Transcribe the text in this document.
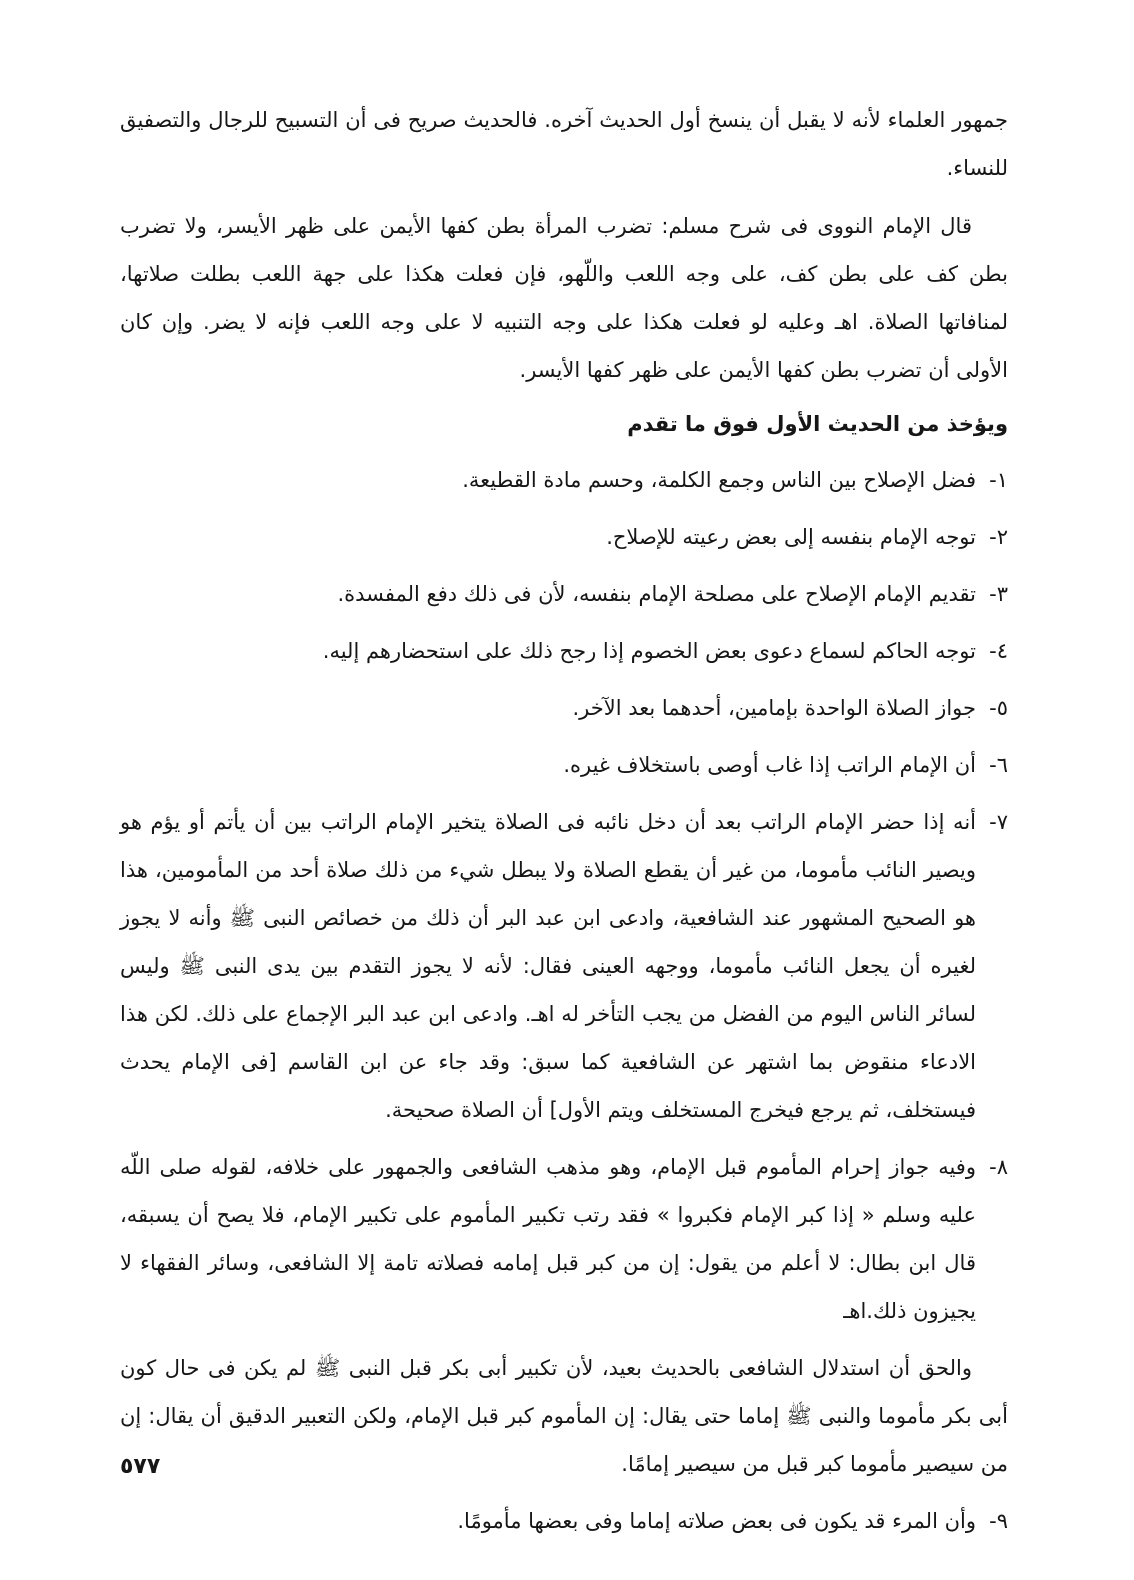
جمهور العلماء لأنه لا يقبل أن ينسخ أول الحديث آخره. فالحديث صريح فى أن التسبيح للرجال والتصفيق للنساء.

قال الإمام النووى فى شرح مسلم: تضرب المرأة بطن كفها الأيمن على ظهر الأيسر، ولا تضرب بطن كف على بطن كف، على وجه اللعب واللّهو، فإن فعلت هكذا على جهة اللعب بطلت صلاتها، لمنافاتها الصلاة. اهـ وعليه لو فعلت هكذا على وجه التنبيه لا على وجه اللعب فإنه لا يضر. وإن كان الأولى أن تضرب بطن كفها الأيمن على ظهر كفها الأيسر.

ويؤخذ من الحديث الأول فوق ما تقدم

١-
فضل الإصلاح بين الناس وجمع الكلمة، وحسم مادة القطيعة.
٢-
توجه الإمام بنفسه إلى بعض رعيته للإصلاح.
٣-
تقديم الإمام الإصلاح على مصلحة الإمام بنفسه، لأن فى ذلك دفع المفسدة.
٤-
توجه الحاكم لسماع دعوى بعض الخصوم إذا رجح ذلك على استحضارهم إليه.
٥-
جواز الصلاة الواحدة بإمامين، أحدهما بعد الآخر.
٦-
أن الإمام الراتب إذا غاب أوصى باستخلاف غيره.
٧-
أنه إذا حضر الإمام الراتب بعد أن دخل نائبه فى الصلاة يتخير الإمام الراتب بين أن يأتم أو يؤم هو ويصير النائب مأموما، من غير أن يقطع الصلاة ولا يبطل شيء من ذلك صلاة أحد من المأمومين، هذا هو الصحيح المشهور عند الشافعية، وادعى ابن عبد البر أن ذلك من خصائص النبى ﷺ وأنه لا يجوز لغيره أن يجعل النائب مأموما، ووجهه العينى فقال: لأنه لا يجوز التقدم بين يدى النبى ﷺ وليس لسائر الناس اليوم من الفضل من يجب التأخر له اهـ. وادعى ابن عبد البر الإجماع على ذلك. لكن هذا الادعاء منقوض بما اشتهر عن الشافعية كما سبق: وقد جاء عن ابن القاسم [فى الإمام يحدث فيستخلف، ثم يرجع فيخرج المستخلف ويتم الأول] أن الصلاة صحيحة.
٨-
وفيه جواز إحرام المأموم قبل الإمام، وهو مذهب الشافعى والجمهور على خلافه، لقوله صلى اللّه عليه وسلم « إذا كبر الإمام فكبروا » فقد رتب تكبير المأموم على تكبير الإمام، فلا يصح أن يسبقه، قال ابن بطال: لا أعلم من يقول: إن من كبر قبل إمامه فصلاته تامة إلا الشافعى، وسائر الفقهاء لا يجيزون ذلك.اهـ

والحق أن استدلال الشافعى بالحديث بعيد، لأن تكبير أبى بكر قبل النبى ﷺ لم يكن فى حال كون أبى بكر مأموما والنبى ﷺ إماما حتى يقال: إن المأموم كبر قبل الإمام، ولكن التعبير الدقيق أن يقال: إن من سيصير مأموما كبر قبل من سيصير إمامًا.

٩-
وأن المرء قد يكون فى بعض صلاته إماما وفى بعضها مأمومًا.
٥٧٧
